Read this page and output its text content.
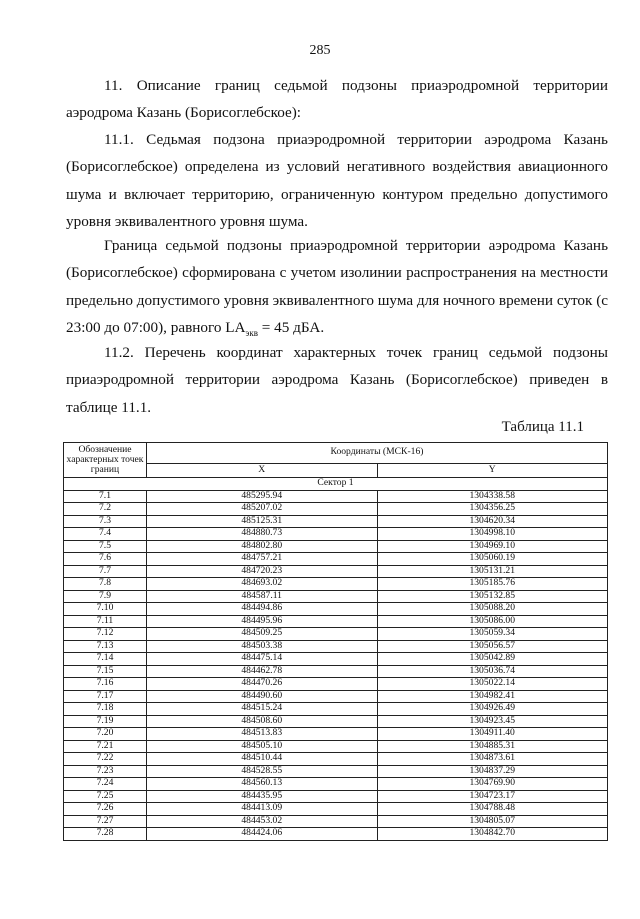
285

11. Описание границ седьмой подзоны приаэродромной территории аэродрома Казань (Борисоглебское):

11.1. Седьмая подзона приаэродромной территории аэродрома Казань (Борисоглебское) определена из условий негативного воздействия авиационного шума и включает территорию, ограниченную контуром предельно допустимого уровня эквивалентного уровня шума.

Граница седьмой подзоны приаэродромной территории аэродрома Казань (Борисоглебское) сформирована с учетом изолинии распространения на местности предельно допустимого уровня эквивалентного шума для ночного времени суток (с 23:00 до 07:00), равного $LA_{экв} = 45$ дБА.

11.2. Перечень координат характерных точек границ седьмой подзоны приаэродромной территории аэродрома Казань (Борисоглебское) приведен в таблице 11.1.

Таблица 11.1
Обозначение характерных точек границ	Координаты (МСК-16)	
	X	Y
Сектор 1		
7.1	485295.94	1304338.58
7.2	485207.02	1304356.25
7.3	485125.31	1304620.34
7.4	484880.73	1304998.10
7.5	484802.80	1304969.10
7.6	484757.21	1305060.19
7.7	484720.23	1305131.21
7.8	484693.02	1305185.76
7.9	484587.11	1305132.85
7.10	484494.86	1305088.20
7.11	484495.96	1305086.00
7.12	484509.25	1305059.34
7.13	484503.38	1305056.57
7.14	484475.14	1305042.89
7.15	484462.78	1305036.74
7.16	484470.26	1305022.14
7.17	484490.60	1304982.41
7.18	484515.24	1304926.49
7.19	484508.60	1304923.45
7.20	484513.83	1304911.40
7.21	484505.10	1304885.31
7.22	484510.44	1304873.61
7.23	484528.55	1304837.29
7.24	484560.13	1304769.90
7.25	484435.95	1304723.17
7.26	484413.09	1304788.48
7.27	484453.02	1304805.07
7.28	484424.06	1304842.70
